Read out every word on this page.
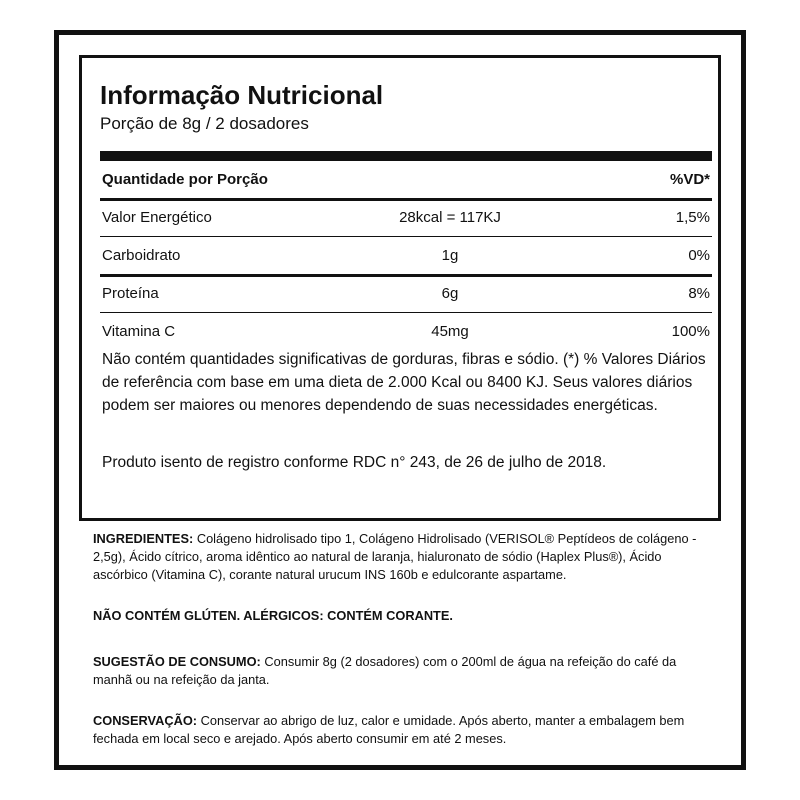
Informação Nutricional
Porção de 8g / 2 dosadores
Quantidade por Porção	%VD*
Valor Energético	28kcal = 117KJ	1,5%
Carboidrato	1g	0%
Proteína	6g	8%
Vitamina C	45mg	100%
Não contém quantidades significativas de gorduras, fibras e sódio. (*) % Valores Diários de referência com base em uma dieta de 2.000 Kcal ou 8400 KJ. Seus valores diários podem ser maiores ou menores dependendo de suas necessidades energéticas.
Produto isento de registro conforme RDC n° 243, de 26 de julho de 2018.
INGREDIENTES: Colágeno hidrolisado tipo 1, Colágeno Hidrolisado (VERISOL® Peptídeos de colágeno - 2,5g), Ácido cítrico, aroma idêntico ao natural de laranja, hialuronato de sódio (Haplex Plus®), Ácido ascórbico (Vitamina C), corante natural urucum INS 160b e edulcorante aspartame.
NÃO CONTÉM GLÚTEN. ALÉRGICOS: CONTÉM CORANTE.
SUGESTÃO DE CONSUMO: Consumir 8g (2 dosadores) com o 200ml de água na refeição do café da manhã ou na refeição da janta.
CONSERVAÇÃO: Conservar ao abrigo de luz, calor e umidade. Após aberto, manter a embalagem bem fechada em local seco e arejado. Após aberto consumir em até 2 meses.
